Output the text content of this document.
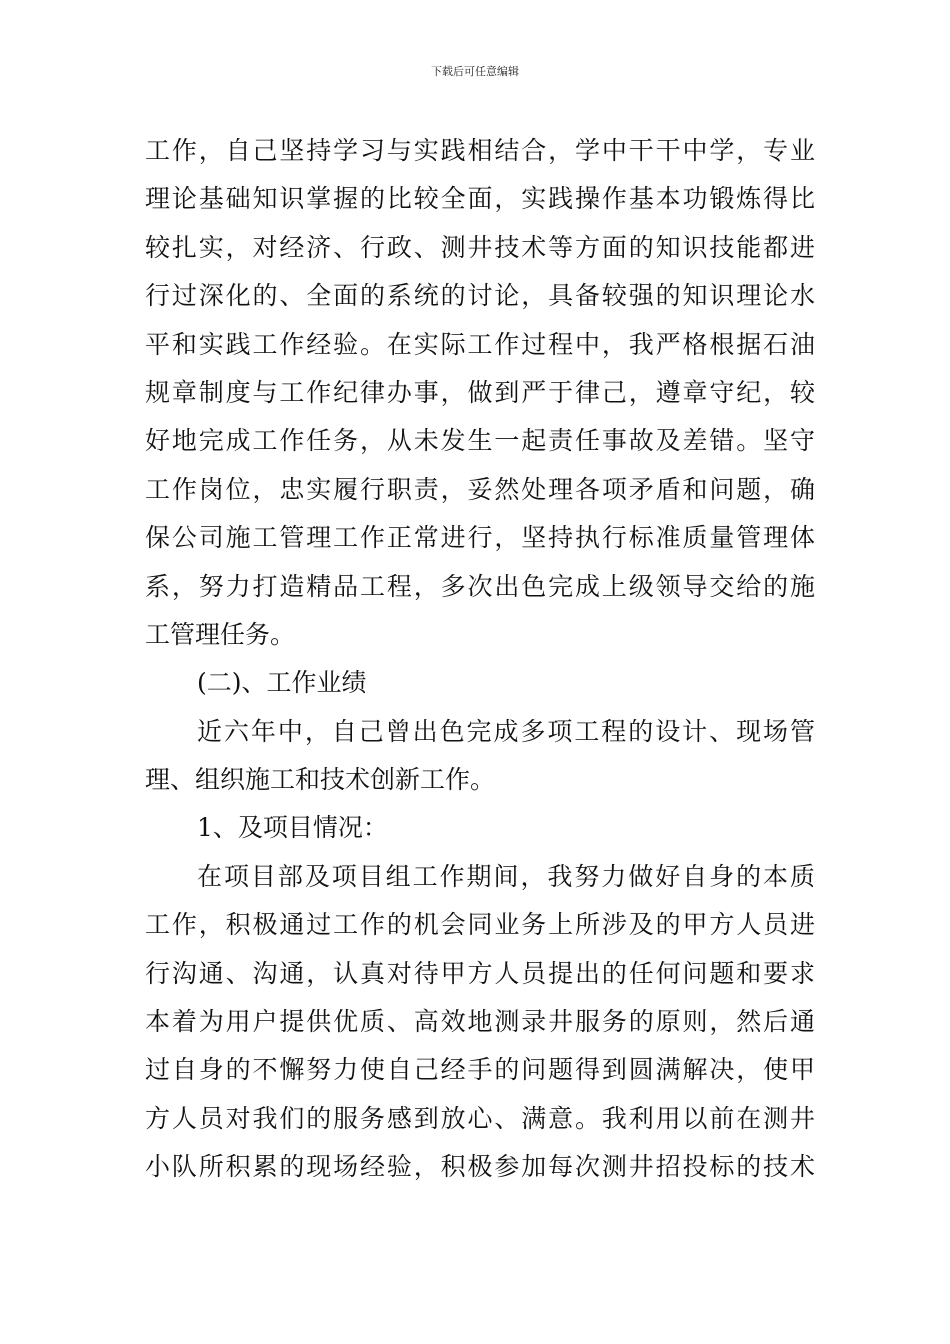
下载后可任意编辑
工作，自己坚持学习与实践相结合，学中干干中学，专业
理论基础知识掌握的比较全面，实践操作基本功锻炼得比
较扎实，对经济、行政、测井技术等方面的知识技能都进
行过深化的、全面的系统的讨论，具备较强的知识理论水
平和实践工作经验。在实际工作过程中，我严格根据石油
规章制度与工作纪律办事，做到严于律己，遵章守纪，较
好地完成工作任务，从未发生一起责任事故及差错。坚守
工作岗位，忠实履行职责，妥然处理各项矛盾和问题，确
保公司施工管理工作正常进行，坚持执行标准质量管理体
系，努力打造精品工程，多次出色完成上级领导交给的施
工管理任务。
(二)、工作业绩
近六年中，自己曾出色完成多项工程的设计、现场管
理、组织施工和技术创新工作。
1、及项目情况：
在项目部及项目组工作期间，我努力做好自身的本质
工作，积极通过工作的机会同业务上所涉及的甲方人员进
行沟通、沟通，认真对待甲方人员提出的任何问题和要求
本着为用户提供优质、高效地测录井服务的原则，然后通
过自身的不懈努力使自己经手的问题得到圆满解决，使甲
方人员对我们的服务感到放心、满意。我利用以前在测井
小队所积累的现场经验，积极参加每次测井招投标的技术
